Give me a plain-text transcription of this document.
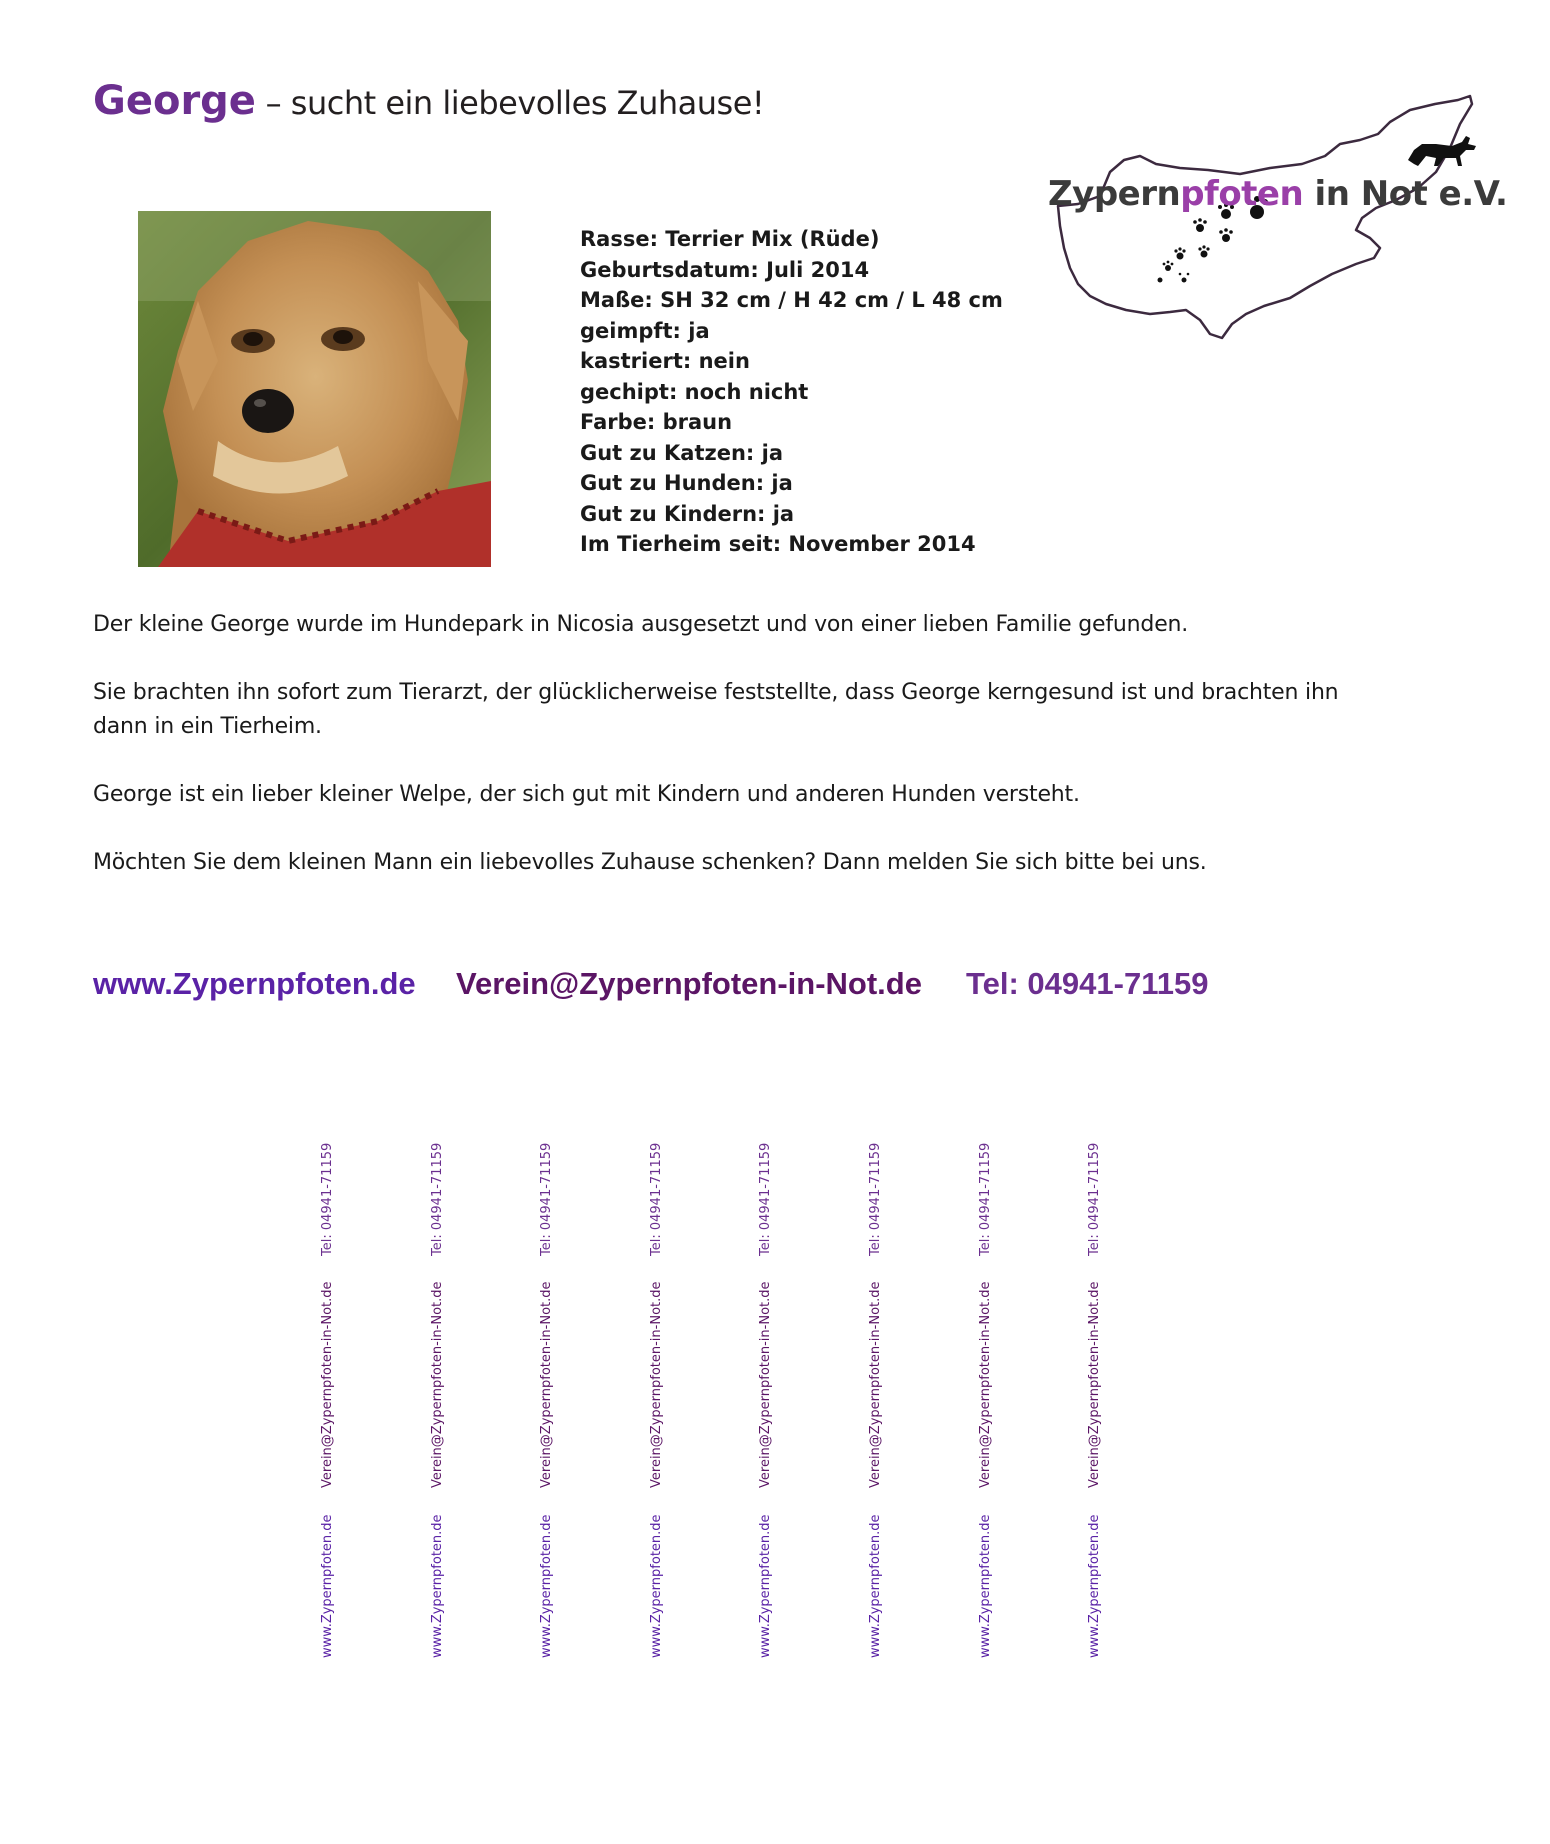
George – sucht ein liebevolles Zuhause!
Zypernpfoten in Not e.V.
Rasse: Terrier Mix (Rüde)
Geburtsdatum: Juli 2014
Maße: SH 32 cm / H 42 cm / L 48 cm
geimpft: ja
kastriert: nein
gechipt: noch nicht
Farbe: braun
Gut zu Katzen: ja
Gut zu Hunden: ja
Gut zu Kindern: ja
Im Tierheim seit: November 2014

Der kleine George wurde im Hundepark in Nicosia ausgesetzt und von einer lieben Familie gefunden.

Sie brachten ihn sofort zum Tierarzt, der glücklicherweise feststellte, dass George kerngesund ist und brachten ihn dann in ein Tierheim.

George ist ein lieber kleiner Welpe, der sich gut mit Kindern und anderen Hunden versteht.

Möchten Sie dem kleinen Mann ein liebevolles Zuhause schenken? Dann melden Sie sich bitte bei uns.

www.Zypernpfoten.de Verein@Zypernpfoten-in-Not.de Tel: 04941-71159
Tel: 04941-71159
Verein@Zypernpfoten-in-Not.de
www.Zypernpfoten.de
Tel: 04941-71159
Verein@Zypernpfoten-in-Not.de
www.Zypernpfoten.de
Tel: 04941-71159
Verein@Zypernpfoten-in-Not.de
www.Zypernpfoten.de
Tel: 04941-71159
Verein@Zypernpfoten-in-Not.de
www.Zypernpfoten.de
Tel: 04941-71159
Verein@Zypernpfoten-in-Not.de
www.Zypernpfoten.de
Tel: 04941-71159
Verein@Zypernpfoten-in-Not.de
www.Zypernpfoten.de
Tel: 04941-71159
Verein@Zypernpfoten-in-Not.de
www.Zypernpfoten.de
Tel: 04941-71159
Verein@Zypernpfoten-in-Not.de
www.Zypernpfoten.de
